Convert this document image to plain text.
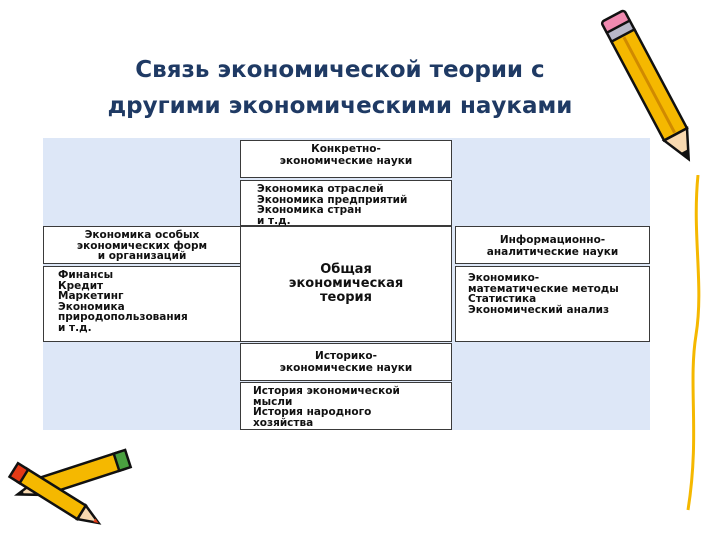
Связь экономической теории с
другими экономическими науками
Конкретно-
экономические науки
Экономика отраслей
Экономика предприятий
Экономика стран
и т.д.
Экономика особых
экономических форм
и организаций
Финансы
Кредит
Маркетинг
Экономика
природопользования
и т.д.
Общая
экономическая
теория
Информационно-
аналитические науки
Экономико-
математические методы
Статистика
Экономический анализ
Историко-
экономические науки
История экономической
мысли
История народного
хозяйства
